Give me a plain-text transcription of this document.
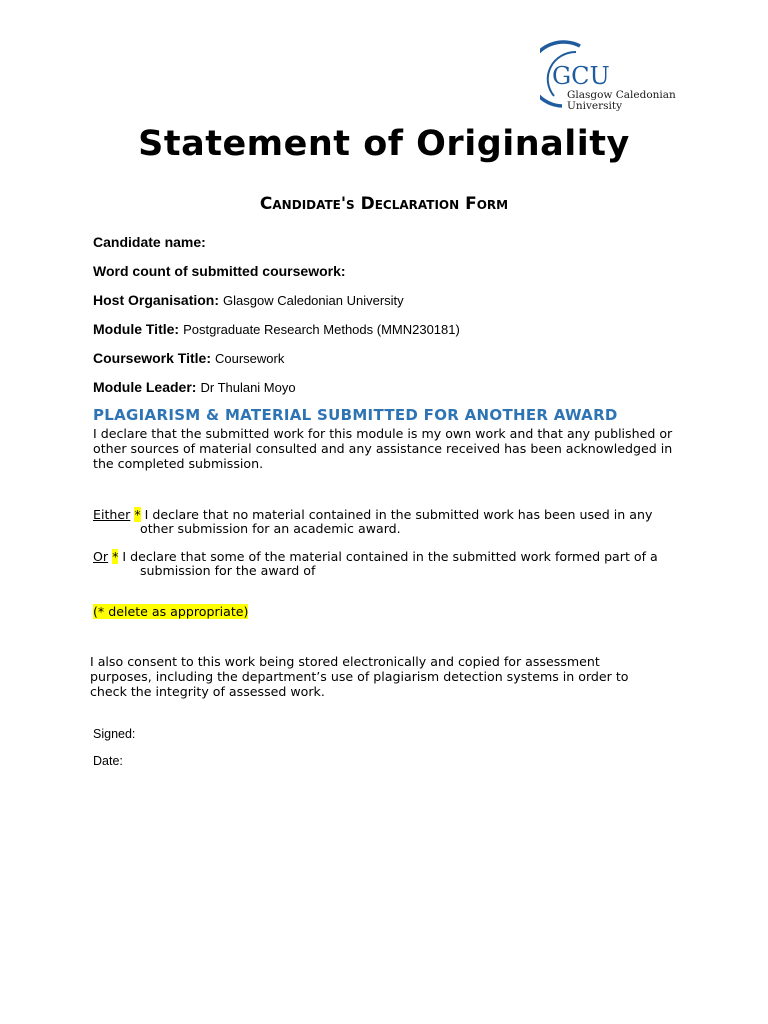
GCU
Glasgow Caledonian
University
Statement of Originality
Candidate's Declaration Form
Candidate name:
Word count of submitted coursework:
Host Organisation: Glasgow Caledonian University
Module Title: Postgraduate Research Methods (MMN230181)
Coursework Title: Coursework
Module Leader: Dr Thulani Moyo
PLAGIARISM & MATERIAL SUBMITTED FOR ANOTHER AWARD

I declare that the submitted work for this module is my own work and that any published or other sources of material consulted and any assistance received has been acknowledged in the completed submission.

Either * I declare that no material contained in the submitted work has been used in any

other submission for an academic award.

Or * I declare that some of the material contained in the submitted work formed part of a

submission for the award of

(* delete as appropriate)

I also consent to this work being stored electronically and copied for assessment purposes, including the department’s use of plagiarism detection systems in order to check the integrity of assessed work.

Signed:
Date:
